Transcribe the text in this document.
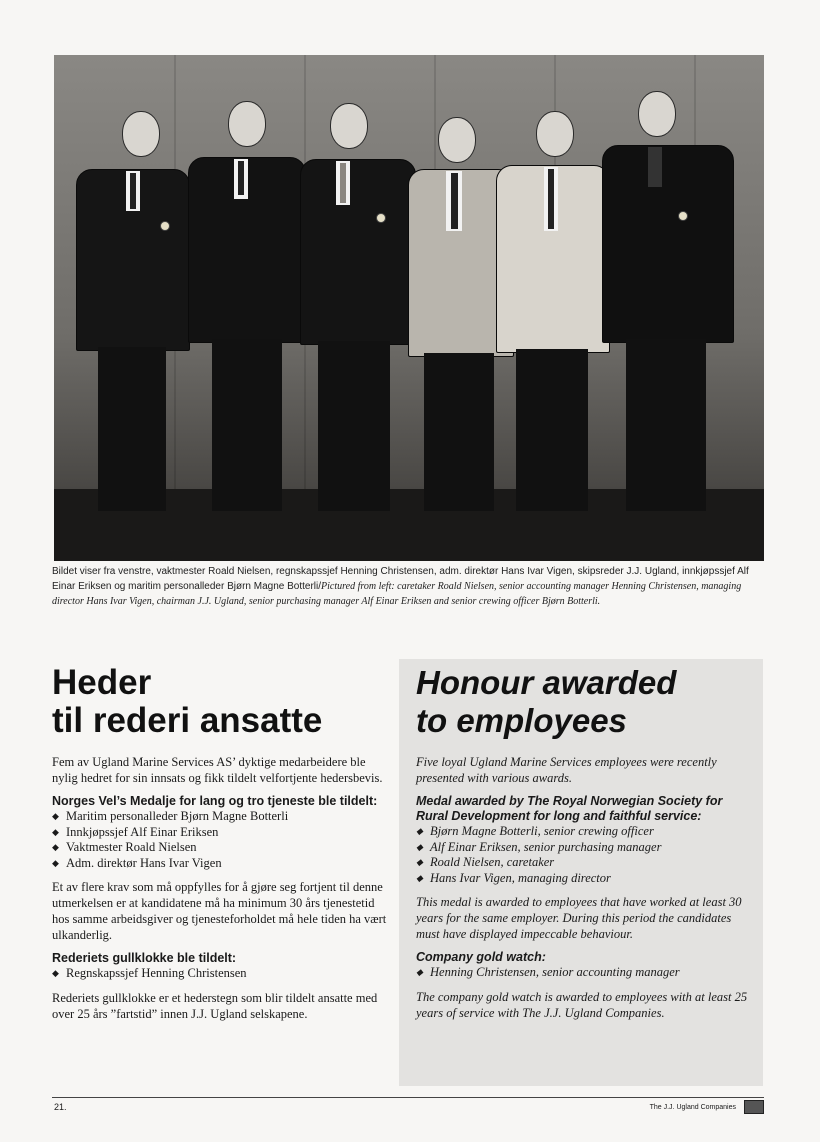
Bildet viser fra venstre, vaktmester Roald Nielsen, regnskapssjef Henning Christensen, adm. direktør Hans Ivar Vigen, skipsreder J.J. Ugland, innkjøpssjef Alf Einar Eriksen og maritim personalleder Bjørn Magne Botterli/Pictured from left: caretaker Roald Nielsen, senior accounting manager Henning Christensen, managing director Hans Ivar Vigen, chairman J.J. Ugland, senior purchasing manager Alf Einar Eriksen and senior crewing officer Bjørn Botterli.
Heder
til rederi ansatte

Fem av Ugland Marine Services AS’ dyktige medarbeidere ble nylig hedret for sin innsats og fikk tildelt velfortjente hedersbevis.

Norges Vel’s Medalje for lang og tro tjeneste ble tildelt:

◆ Maritim personalleder Bjørn Magne Botterli
◆ Innkjøpssjef Alf Einar Eriksen
◆ Vaktmester Roald Nielsen
◆ Adm. direktør Hans Ivar Vigen

Et av flere krav som må oppfylles for å gjøre seg fortjent til denne utmerkelsen er at kandidatene må ha minimum 30 års tjenestetid hos samme arbeidsgiver og tjenesteforholdet må hele tiden ha vært ulkanderlig.

Rederiets gullklokke ble tildelt:

◆ Regnskapssjef Henning Christensen

Rederiets gullklokke er et hederstegn som blir tildelt ansatte med over 25 års ”fartstid” innen J.J. Ugland selskapene.

Honour awarded
to employees

Five loyal Ugland Marine Services employees were recently presented with various awards.

Medal awarded by The Royal Norwegian Society for Rural Development for long and faithful service:

◆ Bjørn Magne Botterli, senior crewing officer
◆ Alf Einar Eriksen, senior purchasing manager
◆ Roald Nielsen, caretaker
◆ Hans Ivar Vigen, managing director

This medal is awarded to employees that have worked at least 30 years for the same employer. During this period the candidates must have displayed impeccable behaviour.

Company gold watch:

◆ Henning Christensen, senior accounting manager

The company gold watch is awarded to employees with at least 25 years of service with The J.J. Ugland Companies.

21.	The J.J. Ugland Companies
